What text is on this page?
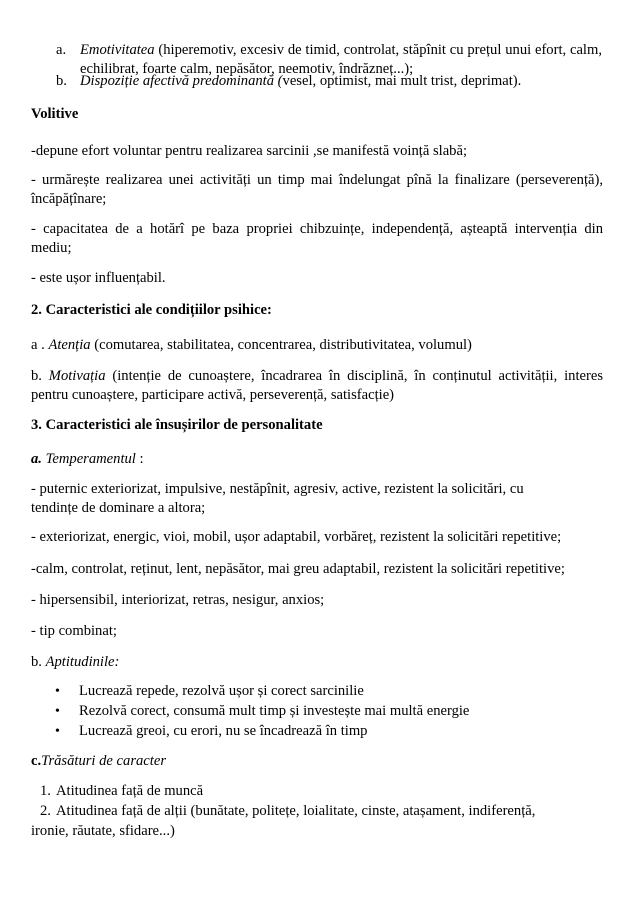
a. Emotivitatea (hiperemotiv, excesiv de timid, controlat, stăpînit cu prețul unui efort, calm, echilibrat, foarte calm, nepăsător, neemotiv, îndrăzneț...);

b. Dispoziție afectivă predominantă (vesel, optimist, mai mult trist, deprimat).

Volitive

-depune efort voluntar pentru realizarea sarcinii ,se manifestă voință slabă;

- urmărește realizarea unei activități un timp mai îndelungat pînă la finalizare (perseverență), încăpățînare;

- capacitatea de a hotărî pe baza propriei chibzuințe, independență, așteaptă intervenția din mediu;

- este ușor influențabil.

2. Caracteristici ale condițiilor psihice:

a . Atenția (comutarea, stabilitatea, concentrarea, distributivitatea, volumul)

b. Motivația (intenție de cunoaștere, încadrarea în disciplină, în conținutul activității, interes pentru cunoaștere, participare activă, perseverență, satisfacție)

3. Caracteristici ale însușirilor de personalitate

a. Temperamentul :

- puternic exteriorizat, impulsive, nestăpînit, agresiv, active, rezistent la solicitări, cu tendințe de dominare a altora;

- exteriorizat, energic, vioi, mobil, ușor adaptabil, vorbăreț, rezistent la solicitări repetitive;

-calm, controlat, reținut, lent, nepăsător, mai greu adaptabil, rezistent la solicitări repetitive;

- hipersensibil, interiorizat, retras, nesigur, anxios;

- tip combinat;

b. Aptitudinile:

• Lucrează repede, rezolvă ușor și corect sarcinilie
• Rezolvă corect, consumă mult timp și investește mai multă energie
• Lucrează greoi, cu erori, nu se încadrează în timp

c.Trăsături de caracter

1. Atitudinea față de muncă
2. Atitudinea față de alții (bunătate, politețe, loialitate, cinste, atașament, indiferență,
ironie, răutate, sfidare...)
